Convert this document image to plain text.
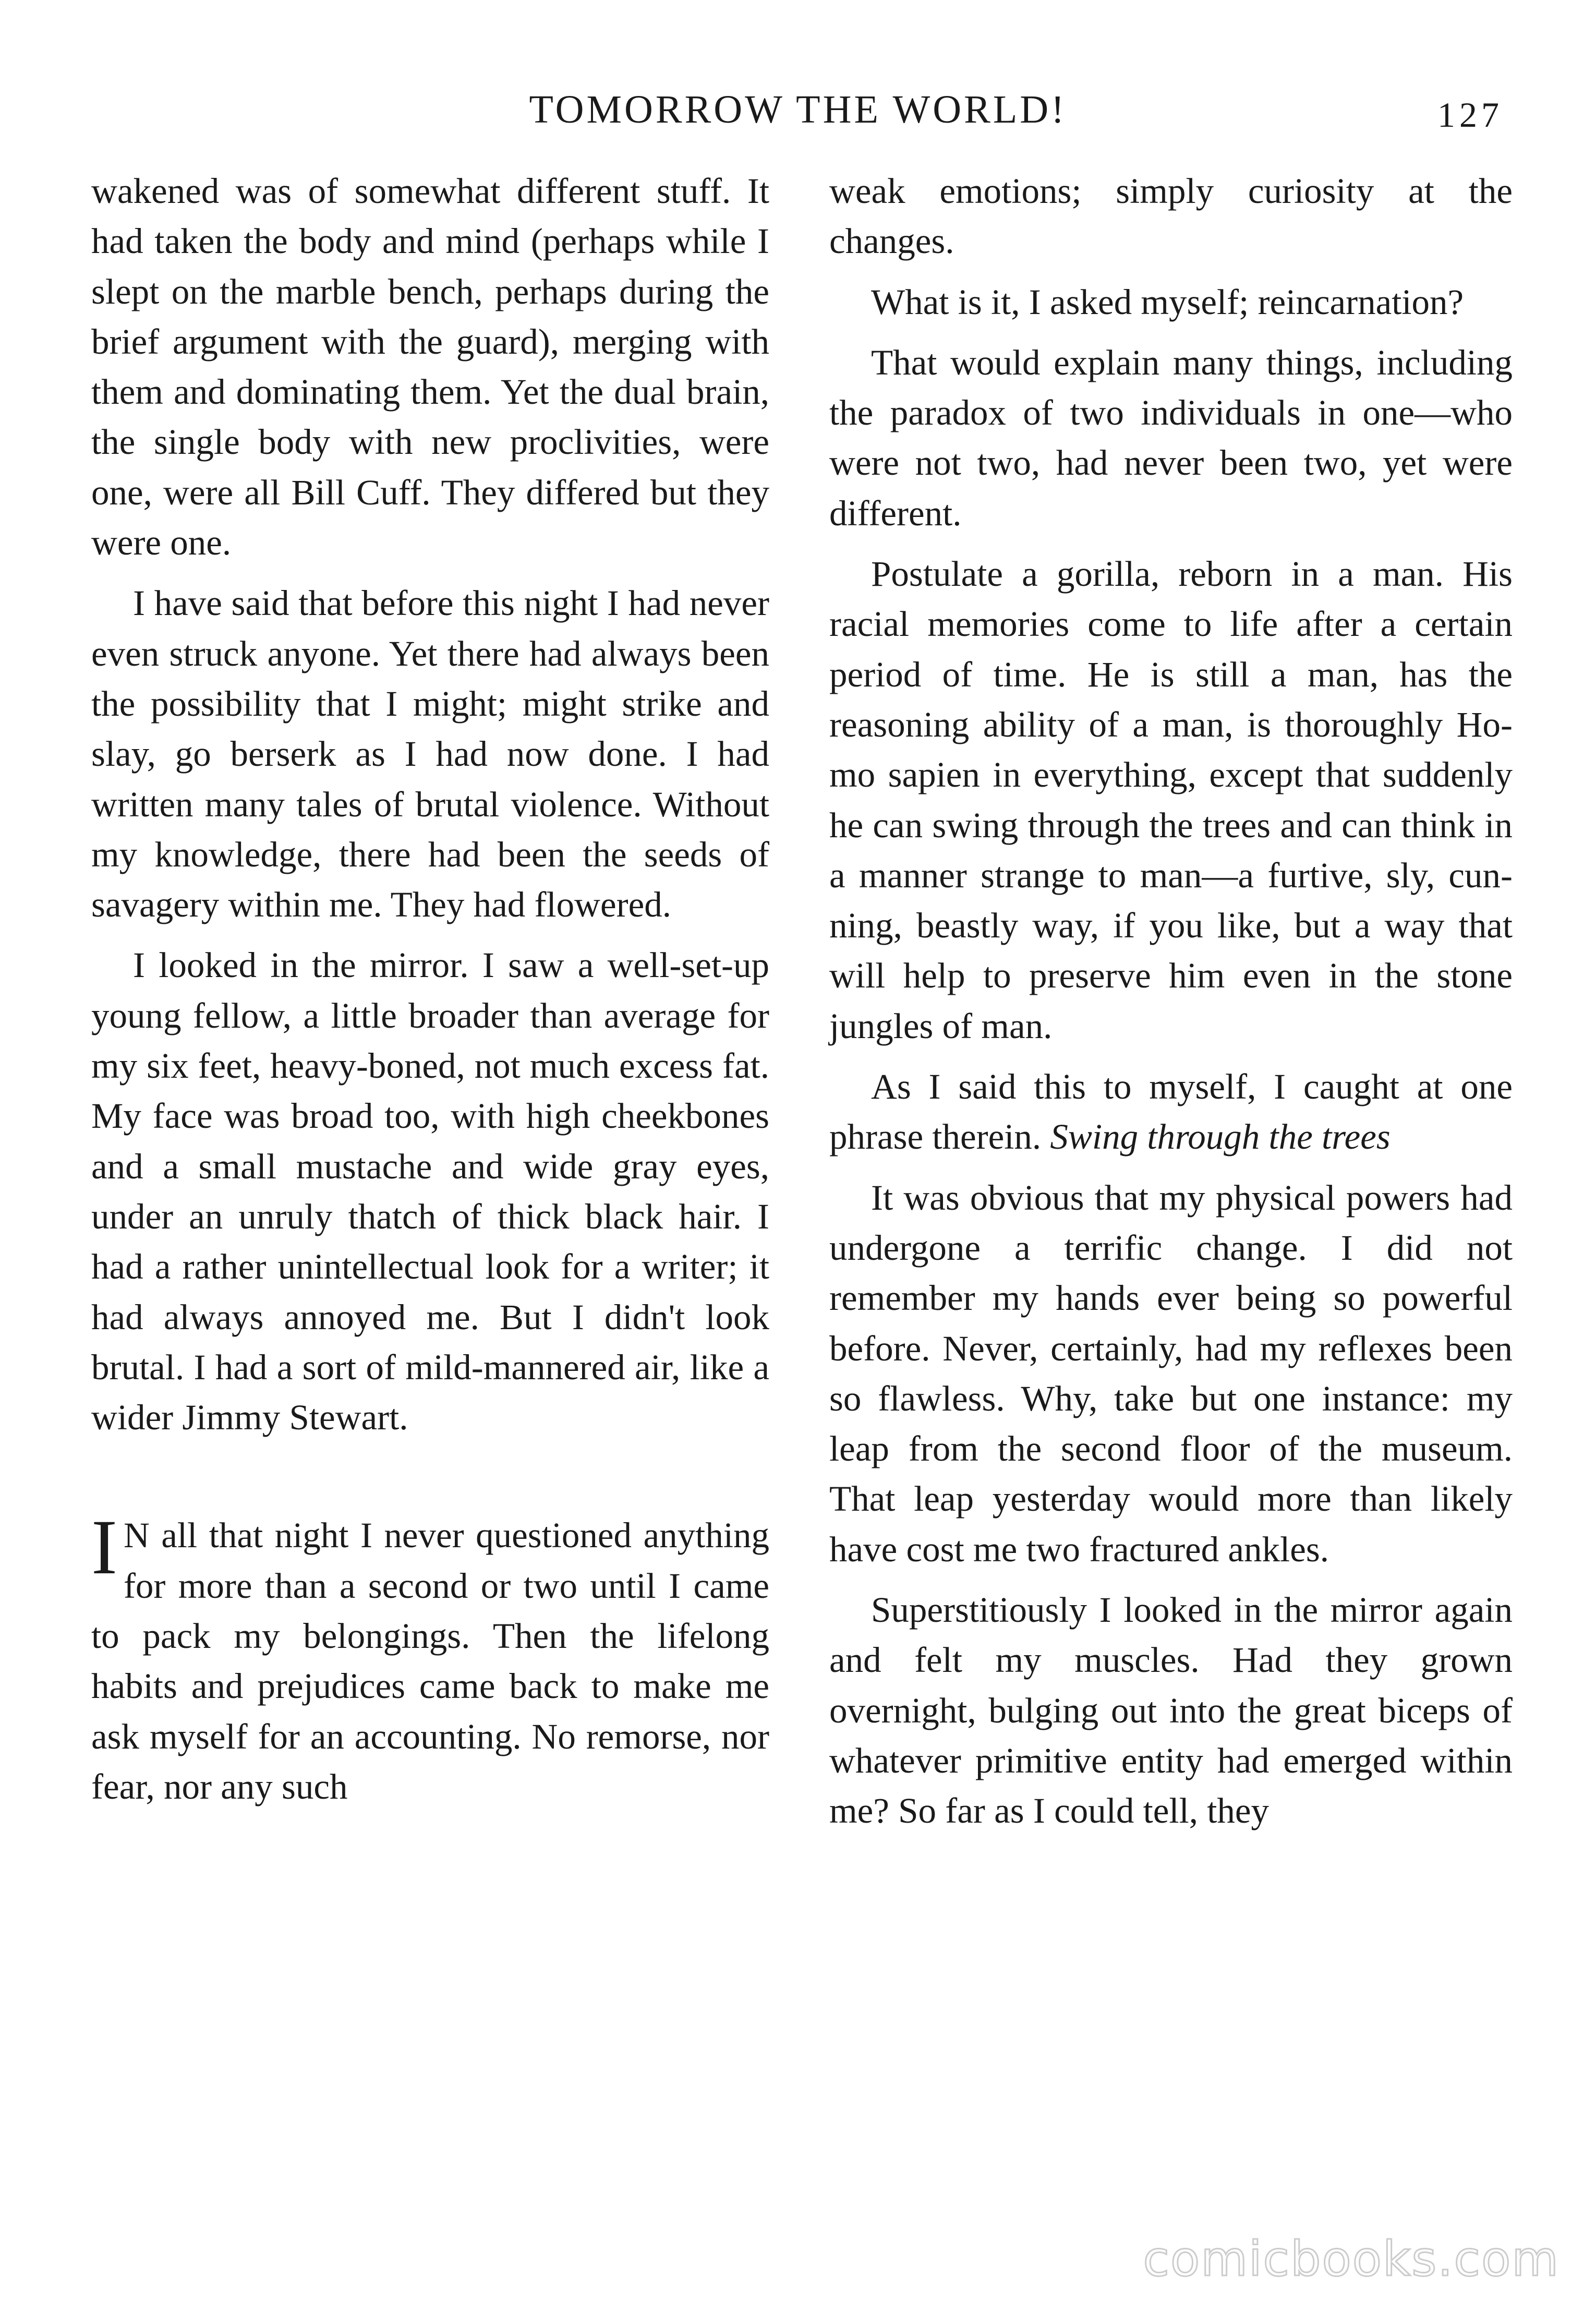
TOMORROW THE WORLD!	127

wakened was of somewhat different stuff. It had taken the body and mind (perhaps while I slept on the marble bench, perhaps during the brief argument with the guard), merging with them and dominating them. Yet the dual brain, the single body with new proclivities, were one, were all Bill Cuff. They differed but they were one.

I have said that before this night I had never even struck anyone. Yet there had always been the possibility that I might; might strike and slay, go berserk as I had now done. I had written many tales of brutal violence. Without my knowledge, there had been the seeds of savagery within me. They had flowered.

I looked in the mirror. I saw a well-set-up young fellow, a little broader than average for my six feet, heavy-boned, not much excess fat. My face was broad too, with high cheekbones and a small mustache and wide gray eyes, under an unruly thatch of thick black hair. I had a rather unintellectual look for a writer; it had always annoyed me. But I didn't look brutal. I had a sort of mild-mannered air, like a wider Jimmy Stewart.

I N all that night I never questioned anything for more than a second or two until I came to pack my belongings. Then the lifelong habits and prejudices came back to make me ask myself for an accounting. No remorse, nor fear, nor any such

weak emotions; simply curiosity at the changes.

What is it, I asked myself; reincarnation?

That would explain many things, including the paradox of two individuals in one—who were not two, had never been two, yet were different.

Postulate a gorilla, reborn in a man. His racial memories come to life after a certain period of time. He is still a man, has the reasoning ability of a man, is thoroughly Homo sapien in everything, except that suddenly he can swing through the trees and can think in a manner strange to man—a furtive, sly, cunning, beastly way, if you like, but a way that will help to preserve him even in the stone jungles of man.

As I said this to myself, I caught at one phrase therein. Swing through the trees

It was obvious that my physical powers had undergone a terrific change. I did not remember my hands ever being so powerful before. Never, certainly, had my reflexes been so flawless. Why, take but one instance: my leap from the second floor of the museum. That leap yesterday would more than likely have cost me two fractured ankles.

Superstitiously I looked in the mirror again and felt my muscles. Had they grown overnight, bulging out into the great biceps of whatever primitive entity had emerged within me? So far as I could tell, they

comicbooks.com
